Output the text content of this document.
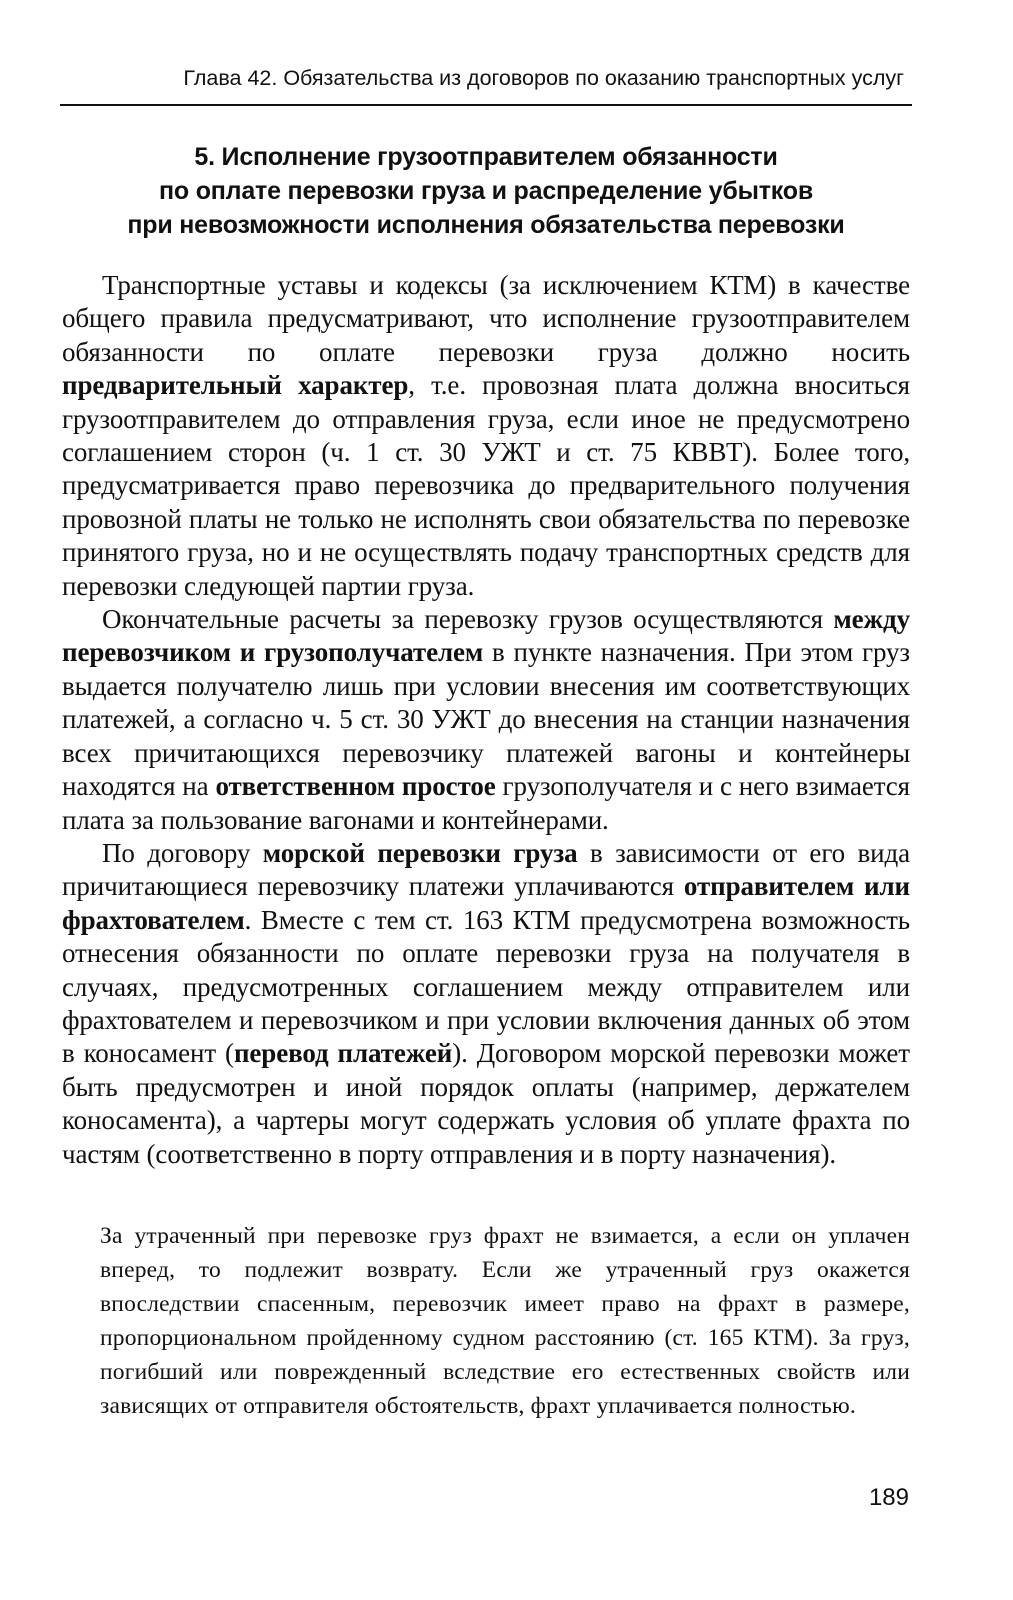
Глава 42. Обязательства из договоров по оказанию транспортных услуг
5. Исполнение грузоотправителем обязанности
по оплате перевозки груза и распределение убытков
при невозможности исполнения обязательства перевозки

Транспортные уставы и кодексы (за исключением КТМ) в качестве общего правила предусматривают, что исполнение грузоотправителем обязанности по оплате перевозки груза должно носить предварительный характер, т.е. провозная плата должна вноситься грузоотправителем до отправления груза, если иное не предусмотрено соглашением сторон (ч. 1 ст. 30 УЖТ и ст. 75 КВВТ). Более того, предусматривается право перевозчика до предварительного получения провозной платы не только не исполнять свои обязательства по перевозке принятого груза, но и не осуществлять подачу транспортных средств для перевозки следующей партии груза.

Окончательные расчеты за перевозку грузов осуществляются между перевозчиком и грузополучателем в пункте назначения. При этом груз выдается получателю лишь при условии внесения им соответствующих платежей, а согласно ч. 5 ст. 30 УЖТ до внесения на станции назначения всех причитающихся перевозчику платежей вагоны и контейнеры находятся на ответственном простое грузополучателя и с него взимается плата за пользование вагонами и контейнерами.

По договору морской перевозки груза в зависимости от его вида причитающиеся перевозчику платежи уплачиваются отправителем или фрахтователем. Вместе с тем ст. 163 КТМ предусмотрена возможность отнесения обязанности по оплате перевозки груза на получателя в случаях, предусмотренных соглашением между отправителем или фрахтователем и перевозчиком и при условии включения данных об этом в коносамент (перевод платежей). Договором морской перевозки может быть предусмотрен и иной порядок оплаты (например, держателем коносамента), а чартеры могут содержать условия об уплате фрахта по частям (соответственно в порту отправления и в порту назначения).

За утраченный при перевозке груз фрахт не взимается, а если он уплачен вперед, то подлежит возврату. Если же утраченный груз окажется впоследствии спасенным, перевозчик имеет право на фрахт в размере, пропорциональном пройденному судном расстоянию (ст. 165 КТМ). За груз, погибший или поврежденный вследствие его естественных свойств или зависящих от отправителя обстоятельств, фрахт уплачивается полностью.

189
